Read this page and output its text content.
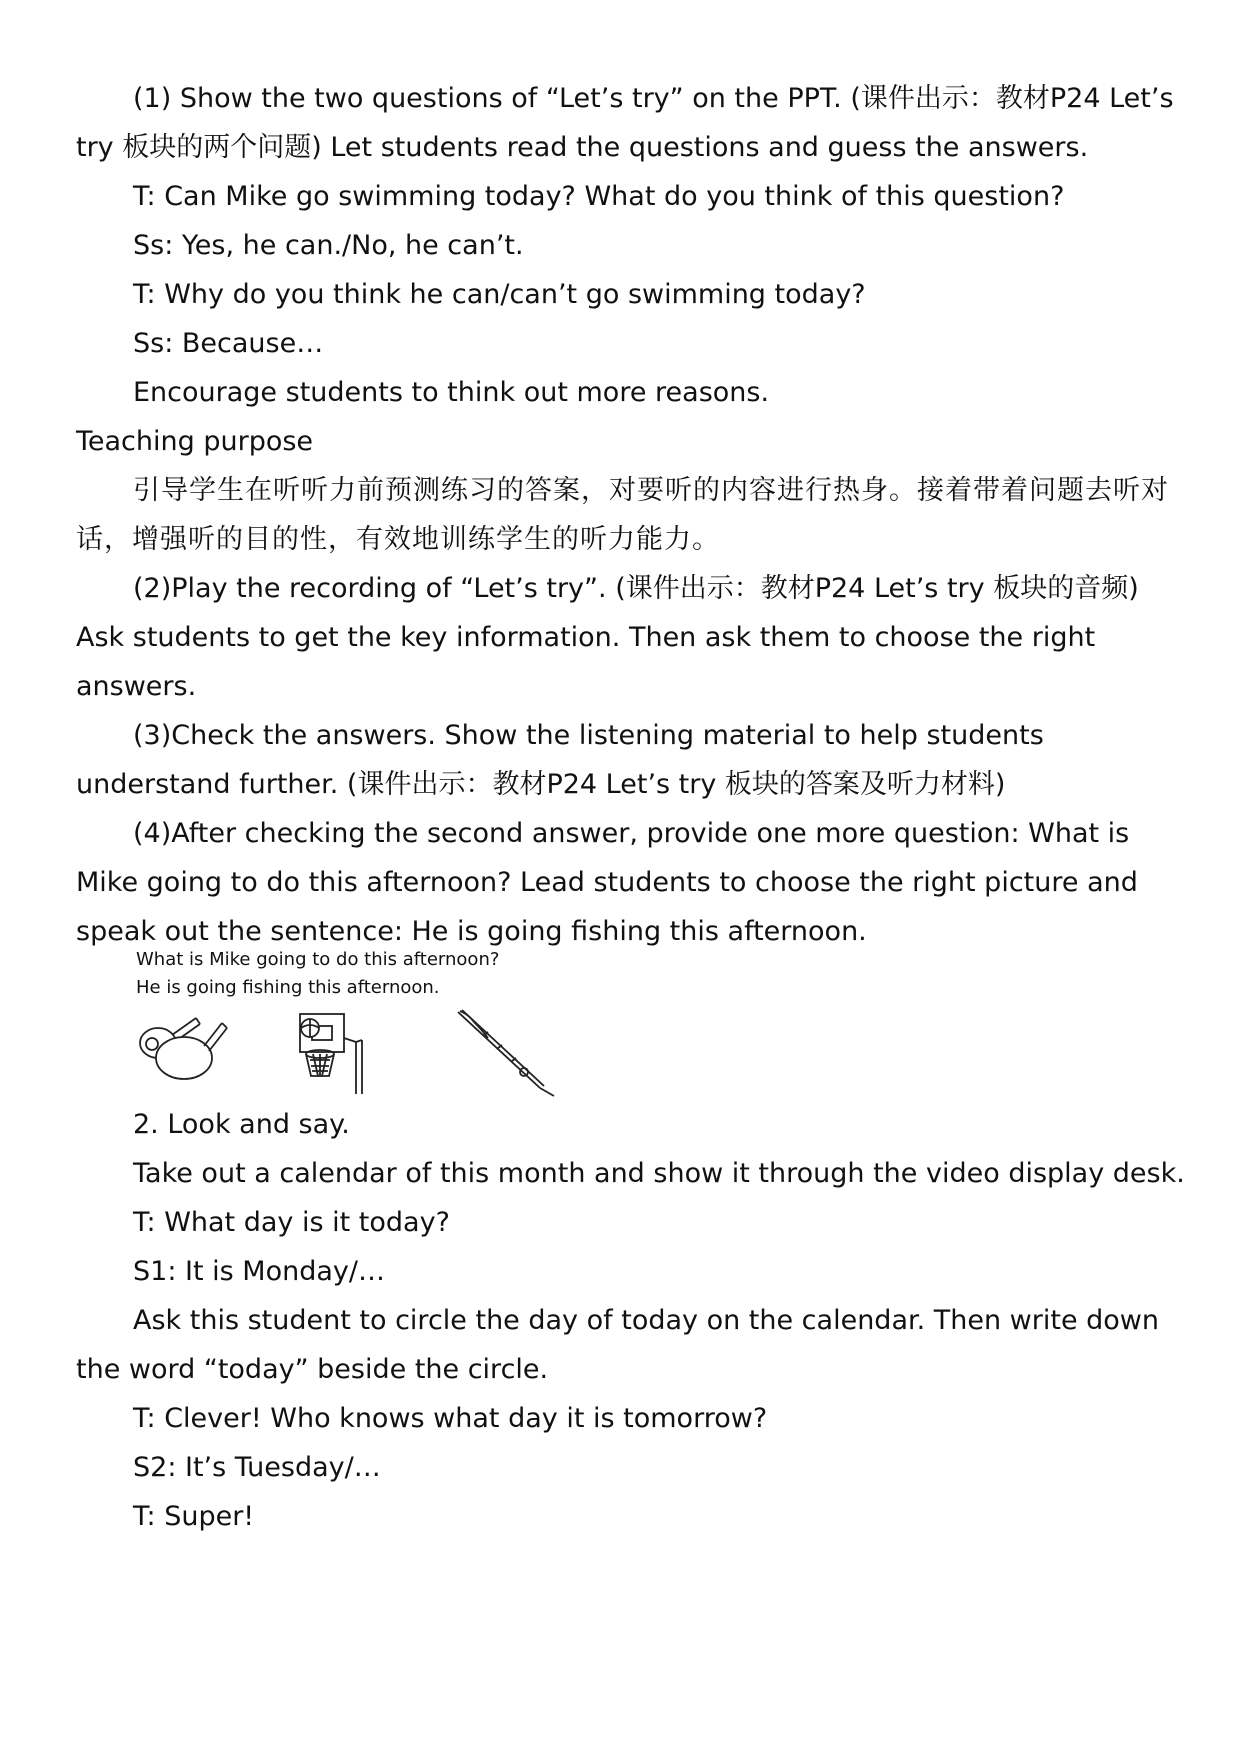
(1) Show the two questions of “Let’s try” on the PPT. (课件出示：教材P24 Let’s try 板块的两个问题) Let students read the questions and guess the answers.

T: Can Mike go swimming today? What do you think of this question?

Ss: Yes, he can./No, he can’t.

T: Why do you think he can/can’t go swimming today?

Ss: Because…

Encourage students to think out more reasons.

Teaching purpose

引导学生在听听力前预测练习的答案，对要听的内容进行热身。接着带着问题去听对话，增强听的目的性，有效地训练学生的听力能力。

(2)Play the recording of “Let’s try”. (课件出示：教材P24 Let’s try 板块的音频) Ask students to get the key information. Then ask them to choose the right answers.

(3)Check the answers. Show the listening material to help students understand further. (课件出示：教材P24 Let’s try 板块的答案及听力材料)

(4)After checking the second answer, provide one more question: What is Mike going to do this afternoon? Lead students to choose the right picture and speak out the sentence: He is going fishing this afternoon.

What is Mike going to do this afternoon?
He is going fishing this afternoon.

2. Look and say.

Take out a calendar of this month and show it through the video display desk.

T: What day is it today?

S1: It is Monday/…

Ask this student to circle the day of today on the calendar. Then write down the word “today” beside the circle.

T: Clever! Who knows what day it is tomorrow?

S2: It’s Tuesday/…

T: Super!
